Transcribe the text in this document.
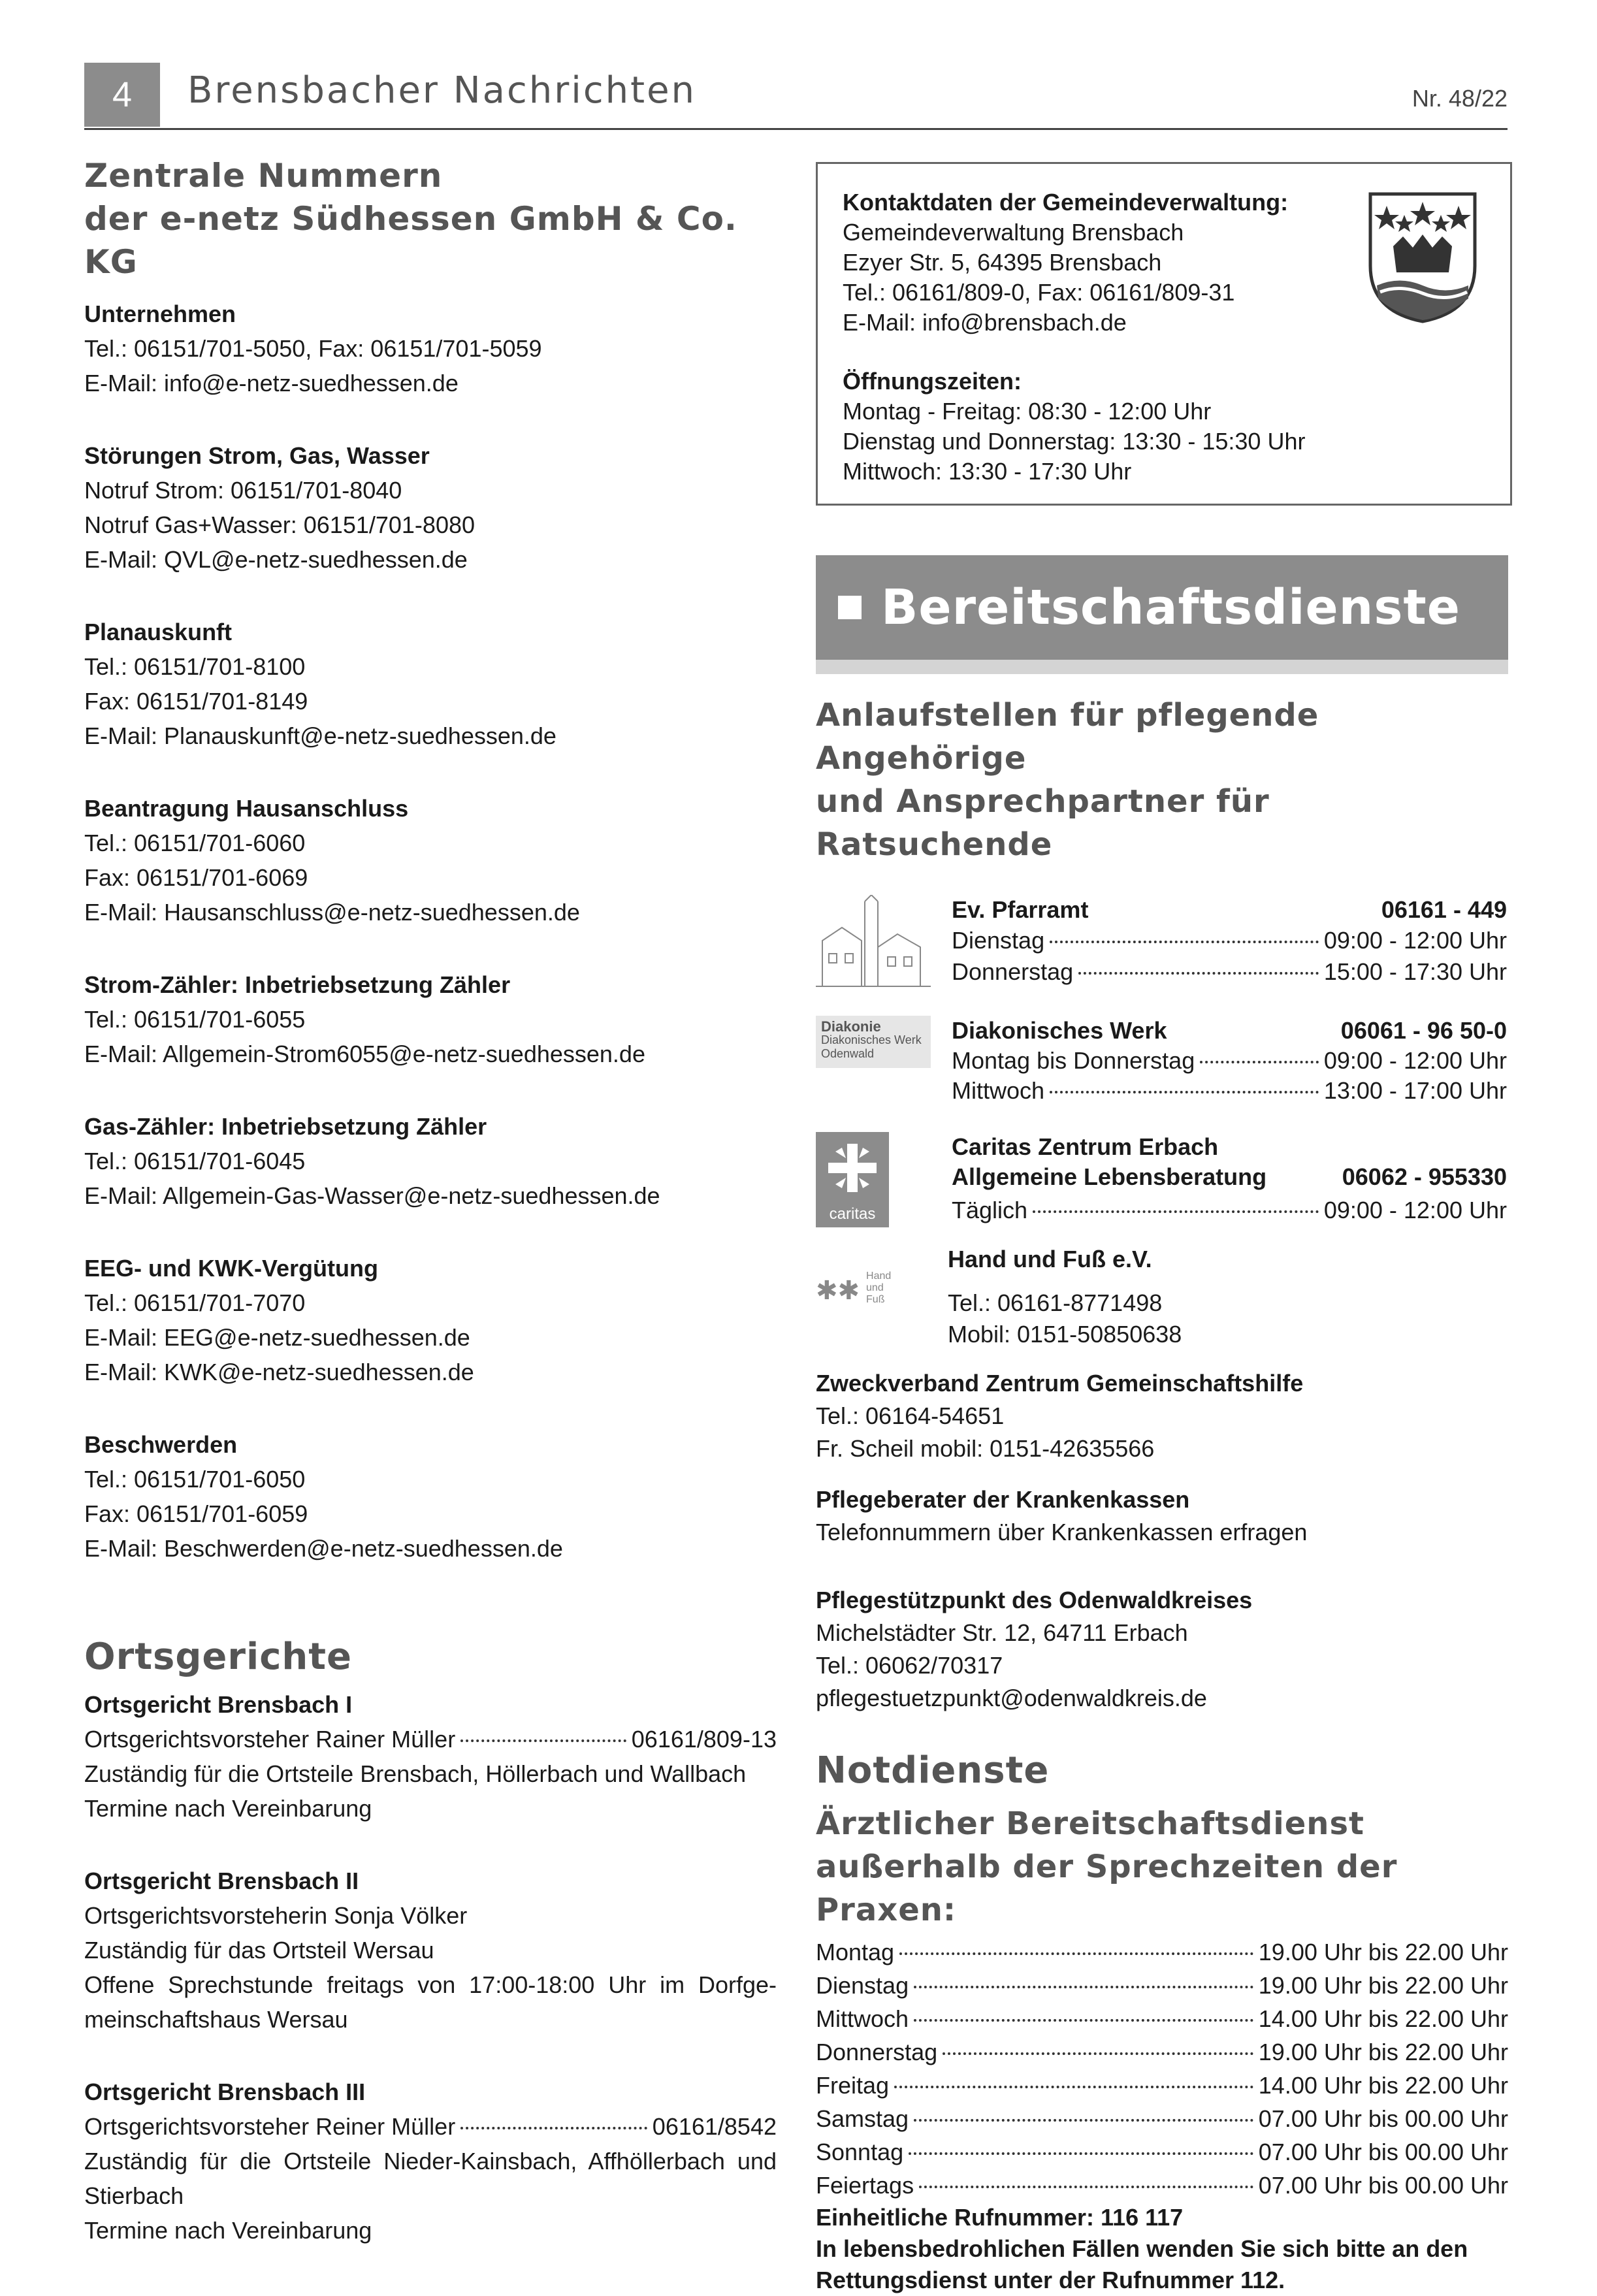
4	Brensbacher Nachrichten	Nr. 48/22

Zentrale Nummern

der e-netz Südhessen GmbH & Co. KG

Unternehmen
Tel.: 06151/701-5050, Fax: 06151/701-5059
E-Mail: info@e-netz-suedhessen.de
Störungen Strom, Gas, Wasser
Notruf Strom: 06151/701-8040
Notruf Gas+Wasser: 06151/701-8080
E-Mail: QVL@e-netz-suedhessen.de
Planauskunft
Tel.: 06151/701-8100
Fax: 06151/701-8149
E-Mail: Planauskunft@e-netz-suedhessen.de
Beantragung Hausanschluss
Tel.: 06151/701-6060
Fax: 06151/701-6069
E-Mail: Hausanschluss@e-netz-suedhessen.de
Strom-Zähler: Inbetriebsetzung Zähler
Tel.: 06151/701-6055
E-Mail: Allgemein-Strom6055@e-netz-suedhessen.de
Gas-Zähler: Inbetriebsetzung Zähler
Tel.: 06151/701-6045
E-Mail: Allgemein-Gas-Wasser@e-netz-suedhessen.de
EEG- und KWK-Vergütung
Tel.: 06151/701-7070
E-Mail: EEG@e-netz-suedhessen.de
E-Mail: KWK@e-netz-suedhessen.de
Beschwerden
Tel.: 06151/701-6050
Fax: 06151/701-6059
E-Mail: Beschwerden@e-netz-suedhessen.de

Ortsgerichte

Ortsgericht Brensbach I
Ortsgerichtsvorsteher Rainer Müller	06161/809-13
Zuständig für die Ortsteile Brensbach, Höllerbach und Wallbach
Termine nach Vereinbarung
Ortsgericht Brensbach II
Ortsgerichtsvorsteherin Sonja Völker
Zuständig für das Ortsteil Wersau
Offene Sprechstunde freitags von 17:00-18:00 Uhr im Dorfge-meinschaftshaus Wersau
Ortsgericht Brensbach III
Ortsgerichtsvorsteher Reiner Müller	06161/8542
Zuständig für die Ortsteile Nieder-Kainsbach, Affhöllerbach und Stierbach
Termine nach Vereinbarung
Kontaktdaten der Gemeindeverwaltung:
Gemeindeverwaltung Brensbach
Ezyer Str. 5, 64395 Brensbach
Tel.: 06161/809-0, Fax: 06161/809-31
E-Mail: info@brensbach.de
Öffnungszeiten:
Montag - Freitag: 08:30 - 12:00 Uhr
Dienstag und Donnerstag: 13:30 - 15:30 Uhr
Mittwoch: 13:30 - 17:30 Uhr
Bereitschaftsdienste

Anlaufstellen für pflegende Angehörige

und Ansprechpartner für Ratsuchende

Ev. Pfarramt	06161 - 449
Dienstag	09:00 - 12:00 Uhr
Donnerstag	15:00 - 17:30 Uhr
Diakonie
Diakonisches Werk
Odenwald
Diakonisches Werk	06061 - 96 50-0
Montag bis Donnerstag	09:00 - 12:00 Uhr
Mittwoch	13:00 - 17:00 Uhr
caritas
Caritas Zentrum Erbach
Allgemeine Lebensberatung	06062 - 955330
Täglich	09:00 - 12:00 Uhr
✱✱
Hand
und
Fuß
Hand und Fuß e.V.
Tel.: 06161-8771498
Mobil: 0151-50850638
Zweckverband Zentrum Gemeinschaftshilfe
Tel.: 06164-54651
Fr. Scheil mobil: 0151-42635566
Pflegeberater der Krankenkassen
Telefonnummern über Krankenkassen erfragen
Pflegestützpunkt des Odenwaldkreises
Michelstädter Str. 12, 64711 Erbach
Tel.: 06062/70317
pflegestuetzpunkt@odenwaldkreis.de

Notdienste

Ärztlicher Bereitschaftsdienst

außerhalb der Sprechzeiten der Praxen:

Montag	19.00 Uhr bis 22.00 Uhr
Dienstag	19.00 Uhr bis 22.00 Uhr
Mittwoch	14.00 Uhr bis 22.00 Uhr
Donnerstag	19.00 Uhr bis 22.00 Uhr
Freitag	14.00 Uhr bis 22.00 Uhr
Samstag	07.00 Uhr bis 00.00 Uhr
Sonntag	07.00 Uhr bis 00.00 Uhr
Feiertags	07.00 Uhr bis 00.00 Uhr
Einheitliche Rufnummer: 116 117
In lebensbedrohlichen Fällen wenden Sie sich bitte an den Rettungsdienst unter der Rufnummer 112.
